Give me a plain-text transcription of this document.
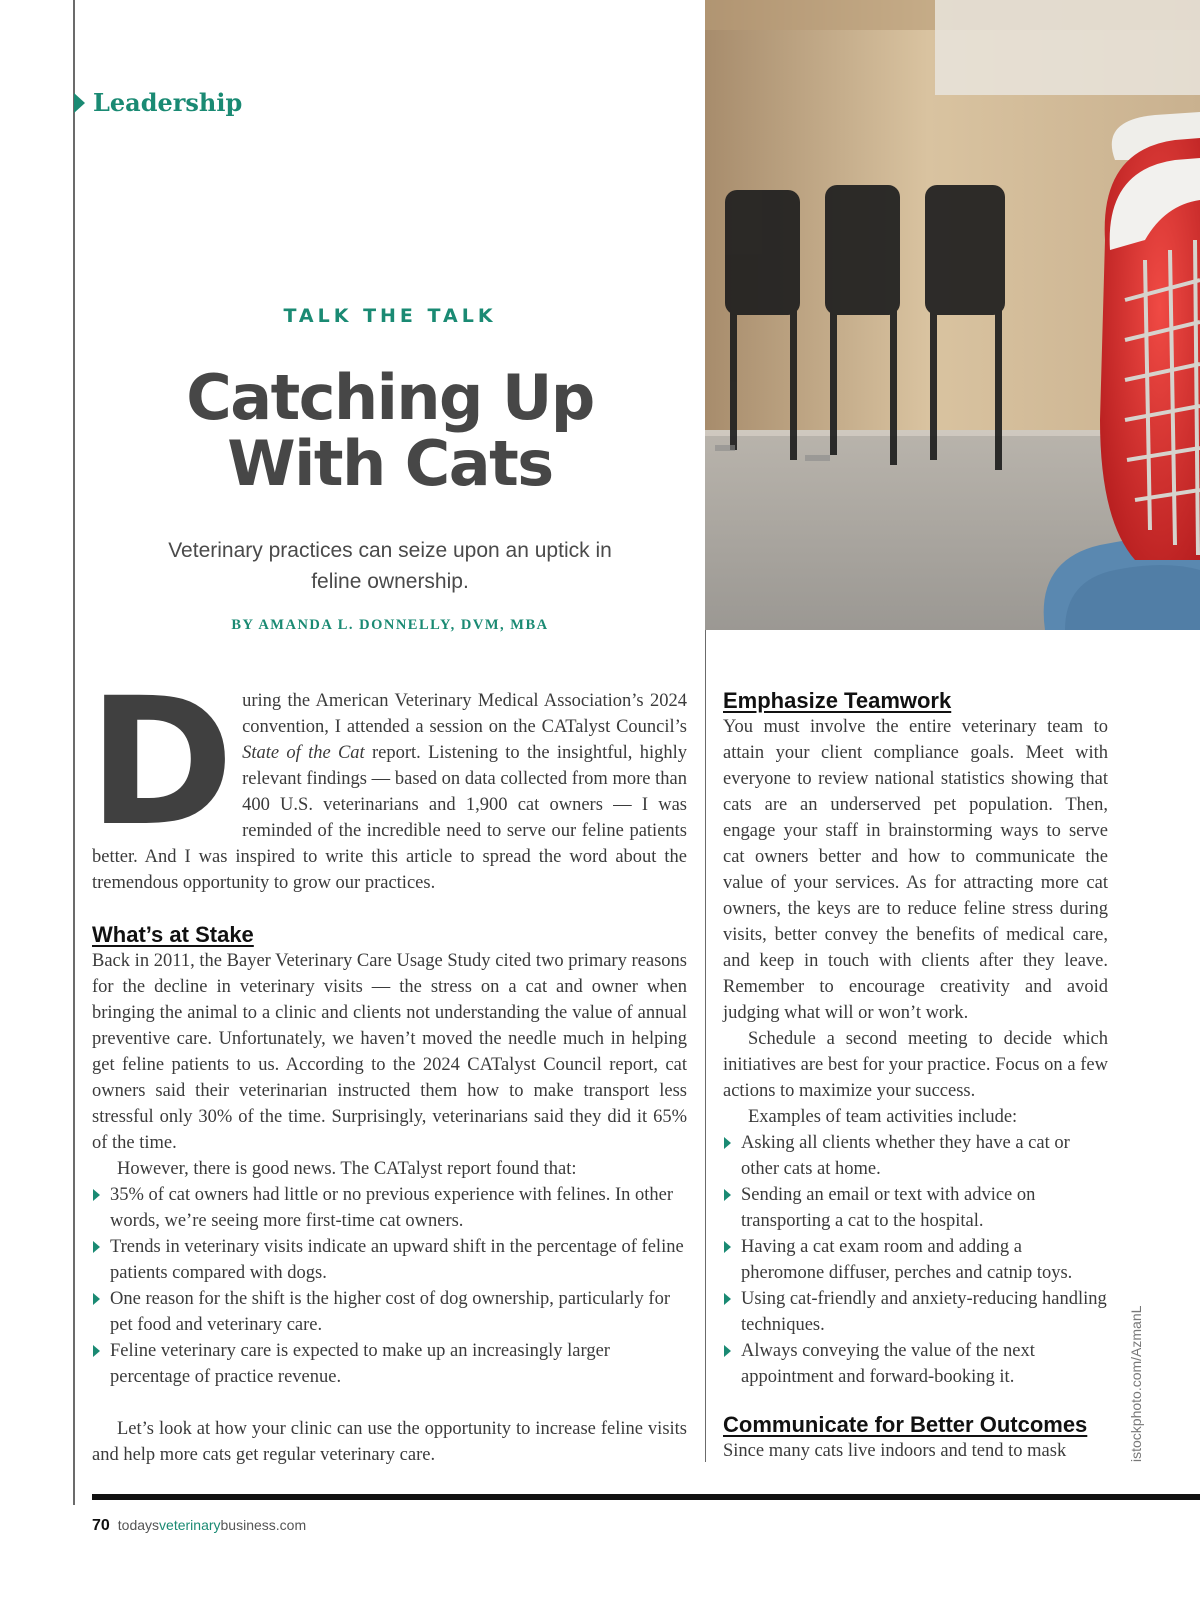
Leadership
TALK THE TALK
Catching Up
With Cats
Veterinary practices can seize upon an uptick in feline ownership.
BY AMANDA L. DONNELLY, DVM, MBA

During the American Veterinary Medical Association’s 2024 convention, I attended a session on the CATalyst Council’s State of the Cat report. Listening to the insightful, highly relevant findings — based on data collected from more than 400 U.S. veterinarians and 1,900 cat owners — I was reminded of the incredible need to serve our feline patients better. And I was inspired to write this article to spread the word about the tremendous opportunity to grow our practices.

What’s at Stake

Back in 2011, the Bayer Veterinary Care Usage Study cited two primary reasons for the decline in veterinary visits — the stress on a cat and owner when bringing the animal to a clinic and clients not understanding the value of annual preventive care. Unfortunately, we haven’t moved the needle much in helping get feline patients to us. According to the 2024 CATalyst Council report, cat owners said their veterinarian instructed them how to make transport less stressful only 30% of the time. Surprisingly, veterinarians said they did it 65% of the time.

However, there is good news. The CATalyst report found that:

35% of cat owners had little or no previous experience with felines. In other words, we’re seeing more first-time cat owners.
Trends in veterinary visits indicate an upward shift in the percentage of feline patients compared with dogs.
One reason for the shift is the higher cost of dog ownership, particularly for pet food and veterinary care.
Feline veterinary care is expected to make up an increasingly larger percentage of practice revenue.

Let’s look at how your clinic can use the opportunity to increase feline visits and help more cats get regular veterinary care.

Emphasize Teamwork

You must involve the entire veterinary team to attain your client compliance goals. Meet with everyone to review national statistics showing that cats are an underserved pet population. Then, engage your staff in brainstorming ways to serve cat owners better and how to communicate the value of your services. As for attracting more cat owners, the keys are to reduce feline stress during visits, better convey the benefits of medical care, and keep in touch with clients after they leave. Remember to encourage creativity and avoid judging what will or won’t work.

Schedule a second meeting to decide which initiatives are best for your practice. Focus on a few actions to maximize your success.

Examples of team activities include:

Asking all clients whether they have a cat or other cats at home.
Sending an email or text with advice on transporting a cat to the hospital.
Having a cat exam room and adding a pheromone diffuser, perches and catnip toys.
Using cat-friendly and anxiety-reducing handling techniques.
Always conveying the value of the next appointment and forward-booking it.
Communicate for Better Outcomes

Since many cats live indoors and tend to mask	istockphoto.com/AzmanL
70 todaysveterinarybusiness.com
